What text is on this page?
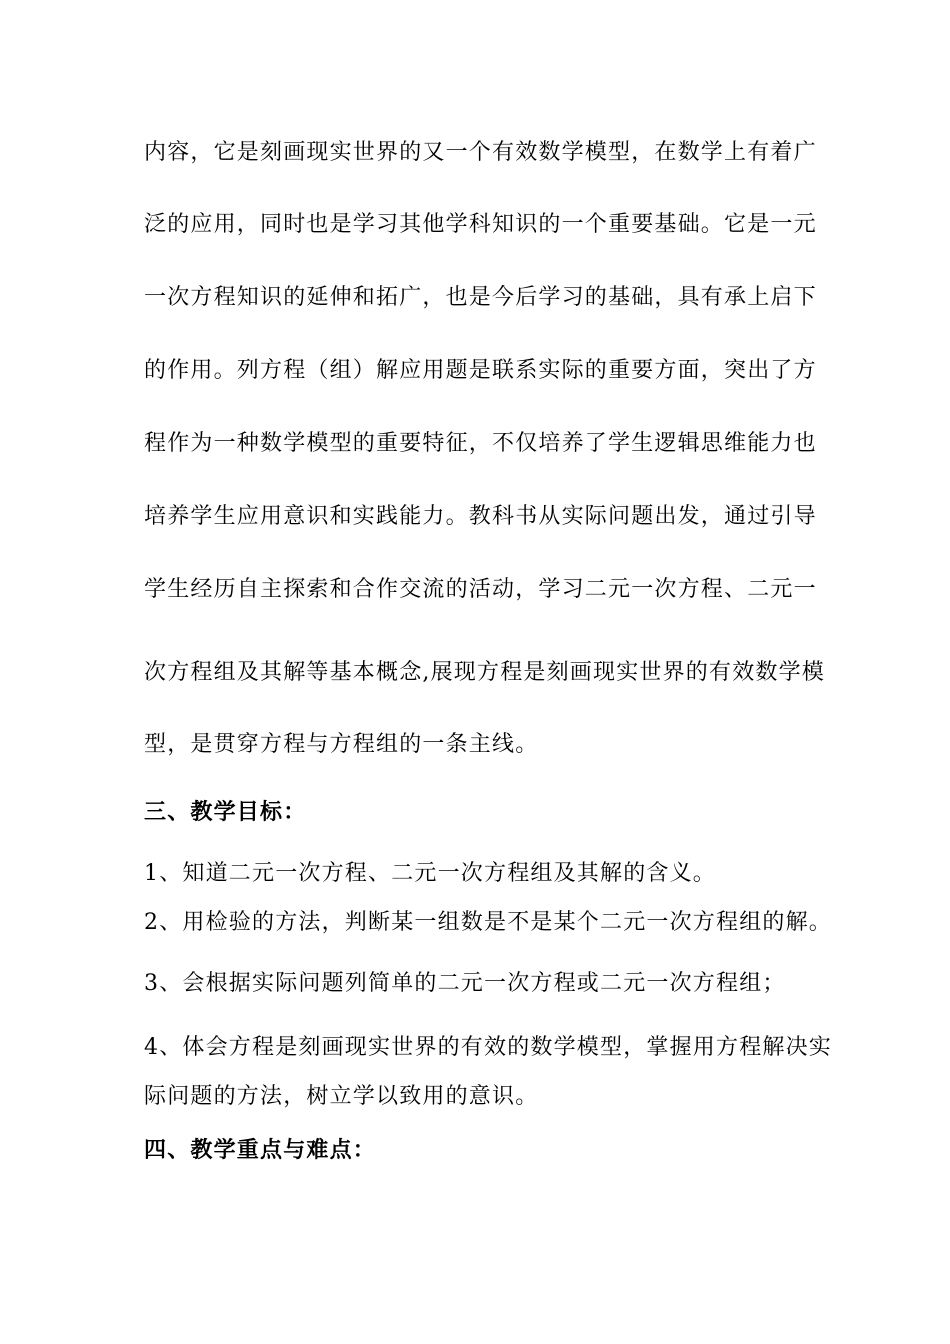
内容，它是刻画现实世界的又一个有效数学模型，在数学上有着广

泛的应用，同时也是学习其他学科知识的一个重要基础。它是一元

一次方程知识的延伸和拓广，也是今后学习的基础，具有承上启下

的作用。列方程（组）解应用题是联系实际的重要方面，突出了方

程作为一种数学模型的重要特征，不仅培养了学生逻辑思维能力也

培养学生应用意识和实践能力。教科书从实际问题出发，通过引导

学生经历自主探索和合作交流的活动，学习二元一次方程、二元一

次方程组及其解等基本概念,展现方程是刻画现实世界的有效数学模

型，是贯穿方程与方程组的一条主线。

三、教学目标：

1、知道二元一次方程、二元一次方程组及其解的含义。

2、用检验的方法，判断某一组数是不是某个二元一次方程组的解。

3、会根据实际问题列简单的二元一次方程或二元一次方程组；

4、体会方程是刻画现实世界的有效的数学模型，掌握用方程解决实

际问题的方法，树立学以致用的意识。

四、教学重点与难点：
